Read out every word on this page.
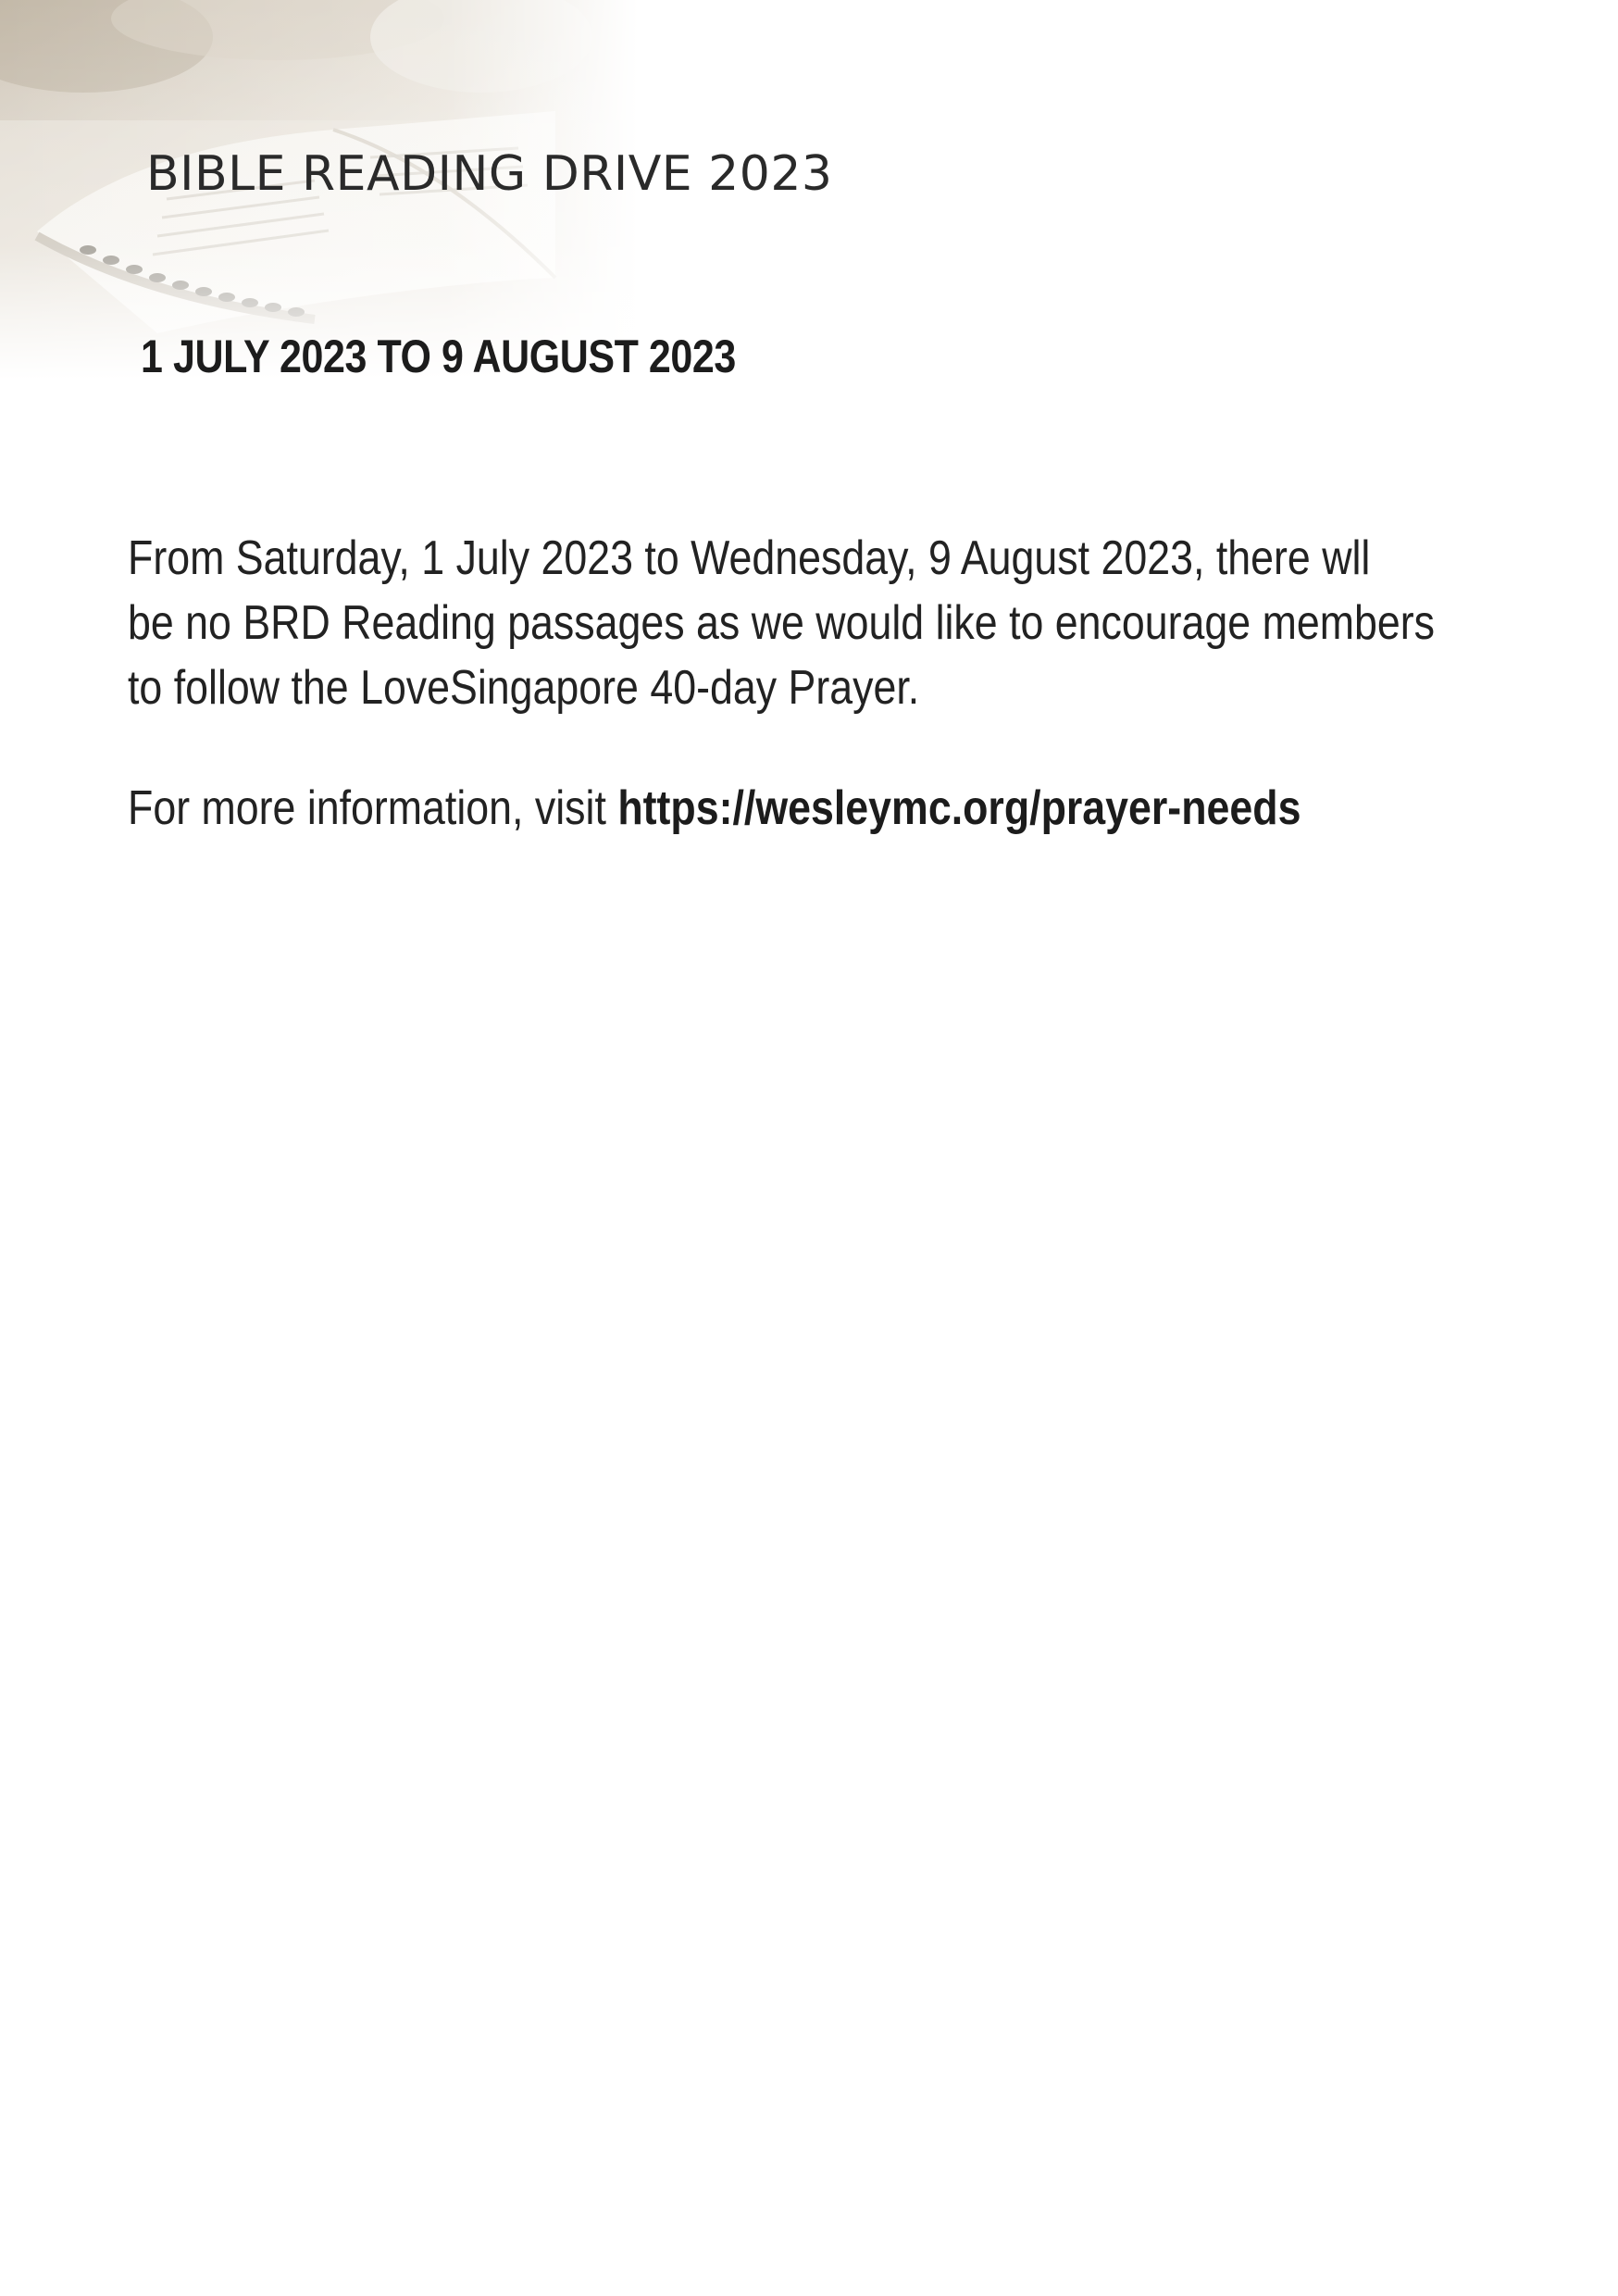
BIBLE READING DRIVE 2023
1 JULY 2023 TO 9 AUGUST 2023

From Saturday, 1 July 2023 to Wednesday, 9 August 2023, there wll
be no BRD Reading passages as we would like to encourage members
to follow the LoveSingapore 40-day Prayer.

For more information, visit https://wesleymc.org/prayer-needs
